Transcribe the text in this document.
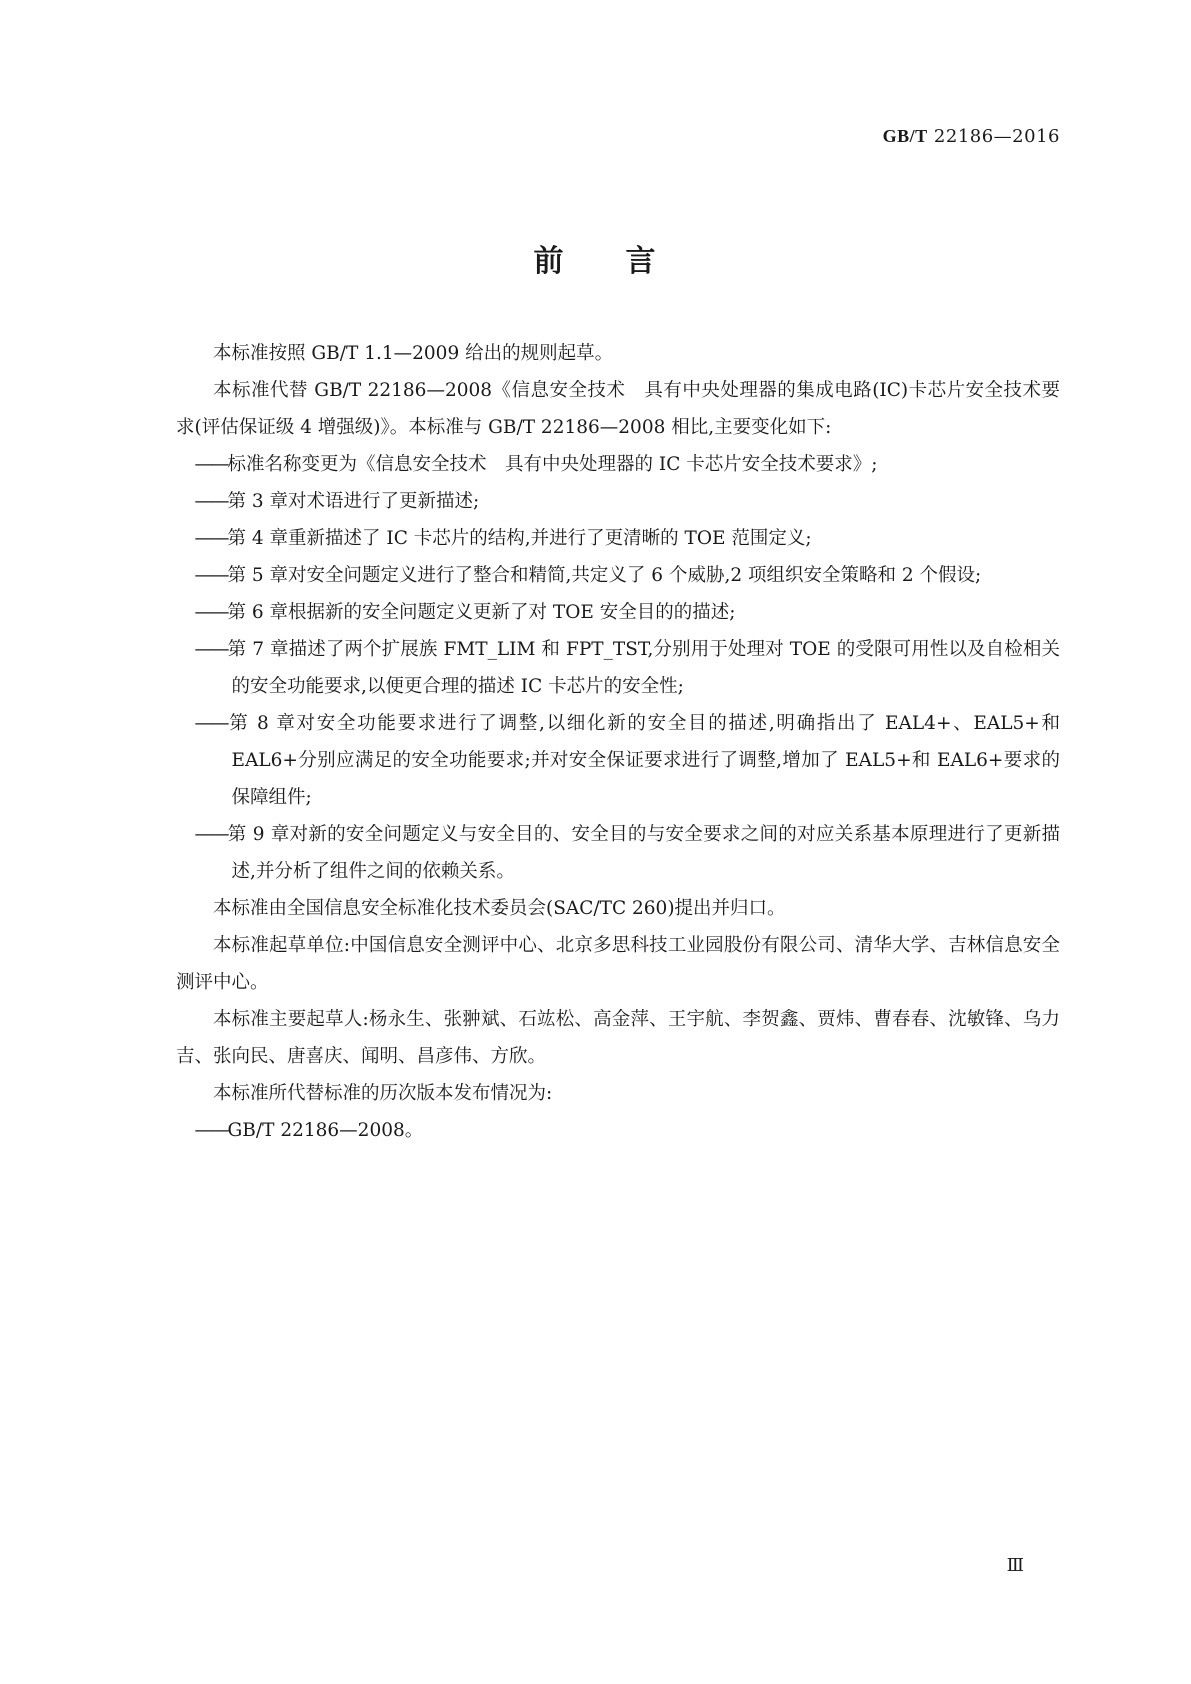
GB/T 22186—2016
前 言

本标准按照 GB/T 1.1—2009 给出的规则起草。

本标准代替 GB/T 22186—2008《信息安全技术　具有中央处理器的集成电路(IC)卡芯片安全技术要求(评估保证级 4 增强级)》。本标准与 GB/T 22186—2008 相比,主要变化如下:

——标准名称变更为《信息安全技术　具有中央处理器的 IC 卡芯片安全技术要求》;

——第 3 章对术语进行了更新描述;

——第 4 章重新描述了 IC 卡芯片的结构,并进行了更清晰的 TOE 范围定义;

——第 5 章对安全问题定义进行了整合和精简,共定义了 6 个威胁,2 项组织安全策略和 2 个假设;

——第 6 章根据新的安全问题定义更新了对 TOE 安全目的的描述;

——第 7 章描述了两个扩展族 FMT_LIM 和 FPT_TST,分别用于处理对 TOE 的受限可用性以及自检相关的安全功能要求,以便更合理的描述 IC 卡芯片的安全性;

——第 8 章对安全功能要求进行了调整,以细化新的安全目的描述,明确指出了 EAL4+、EAL5+和 EAL6+分别应满足的安全功能要求;并对安全保证要求进行了调整,增加了 EAL5+和 EAL6+要求的保障组件;

——第 9 章对新的安全问题定义与安全目的、安全目的与安全要求之间的对应关系基本原理进行了更新描述,并分析了组件之间的依赖关系。

本标准由全国信息安全标准化技术委员会(SAC/TC 260)提出并归口。

本标准起草单位:中国信息安全测评中心、北京多思科技工业园股份有限公司、清华大学、吉林信息安全测评中心。

本标准主要起草人:杨永生、张翀斌、石竑松、高金萍、王宇航、李贺鑫、贾炜、曹春春、沈敏锋、乌力吉、张向民、唐喜庆、闻明、昌彦伟、方欣。

本标准所代替标准的历次版本发布情况为:

——GB/T 22186—2008。

Ⅲ
